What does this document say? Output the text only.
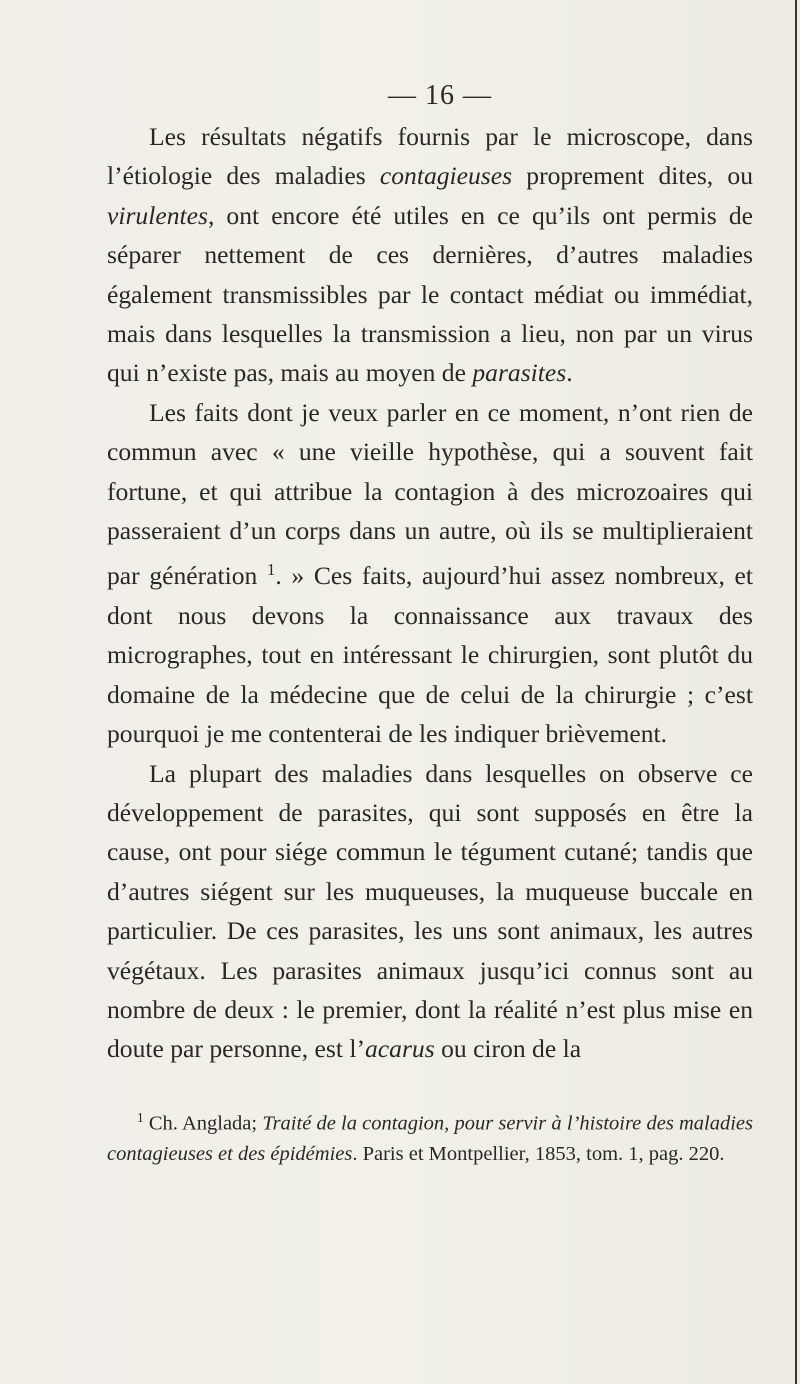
— 16 —

Les résultats négatifs fournis par le microscope, dans l’étiologie des maladies contagieuses proprement dites, ou virulentes, ont encore été utiles en ce qu’ils ont permis de séparer nettement de ces dernières, d’autres maladies également transmissibles par le contact médiat ou immédiat, mais dans lesquelles la transmission a lieu, non par un virus qui n’existe pas, mais au moyen de parasites.

Les faits dont je veux parler en ce moment, n’ont rien de commun avec « une vieille hypothèse, qui a souvent fait fortune, et qui attribue la contagion à des microzoaires qui passeraient d’un corps dans un autre, où ils se multiplieraient par génération $^1$. » Ces faits, aujourd’hui assez nombreux, et dont nous devons la connaissance aux travaux des micrographes, tout en intéressant le chirurgien, sont plutôt du domaine de la médecine que de celui de la chirurgie ; c’est pourquoi je me contenterai de les indiquer brièvement.

La plupart des maladies dans lesquelles on observe ce développement de parasites, qui sont supposés en être la cause, ont pour siége commun le tégument cutané; tandis que d’autres siégent sur les muqueuses, la muqueuse buccale en particulier. De ces parasites, les uns sont animaux, les autres végétaux. Les parasites animaux jusqu’ici connus sont au nombre de deux : le premier, dont la réalité n’est plus mise en doute par personne, est l’acarus ou ciron de la

$^1$ Ch. Anglada; Traité de la contagion, pour servir à l’histoire des maladies contagieuses et des épidémies. Paris et Montpellier, 1853, tom. 1, pag. 220.
